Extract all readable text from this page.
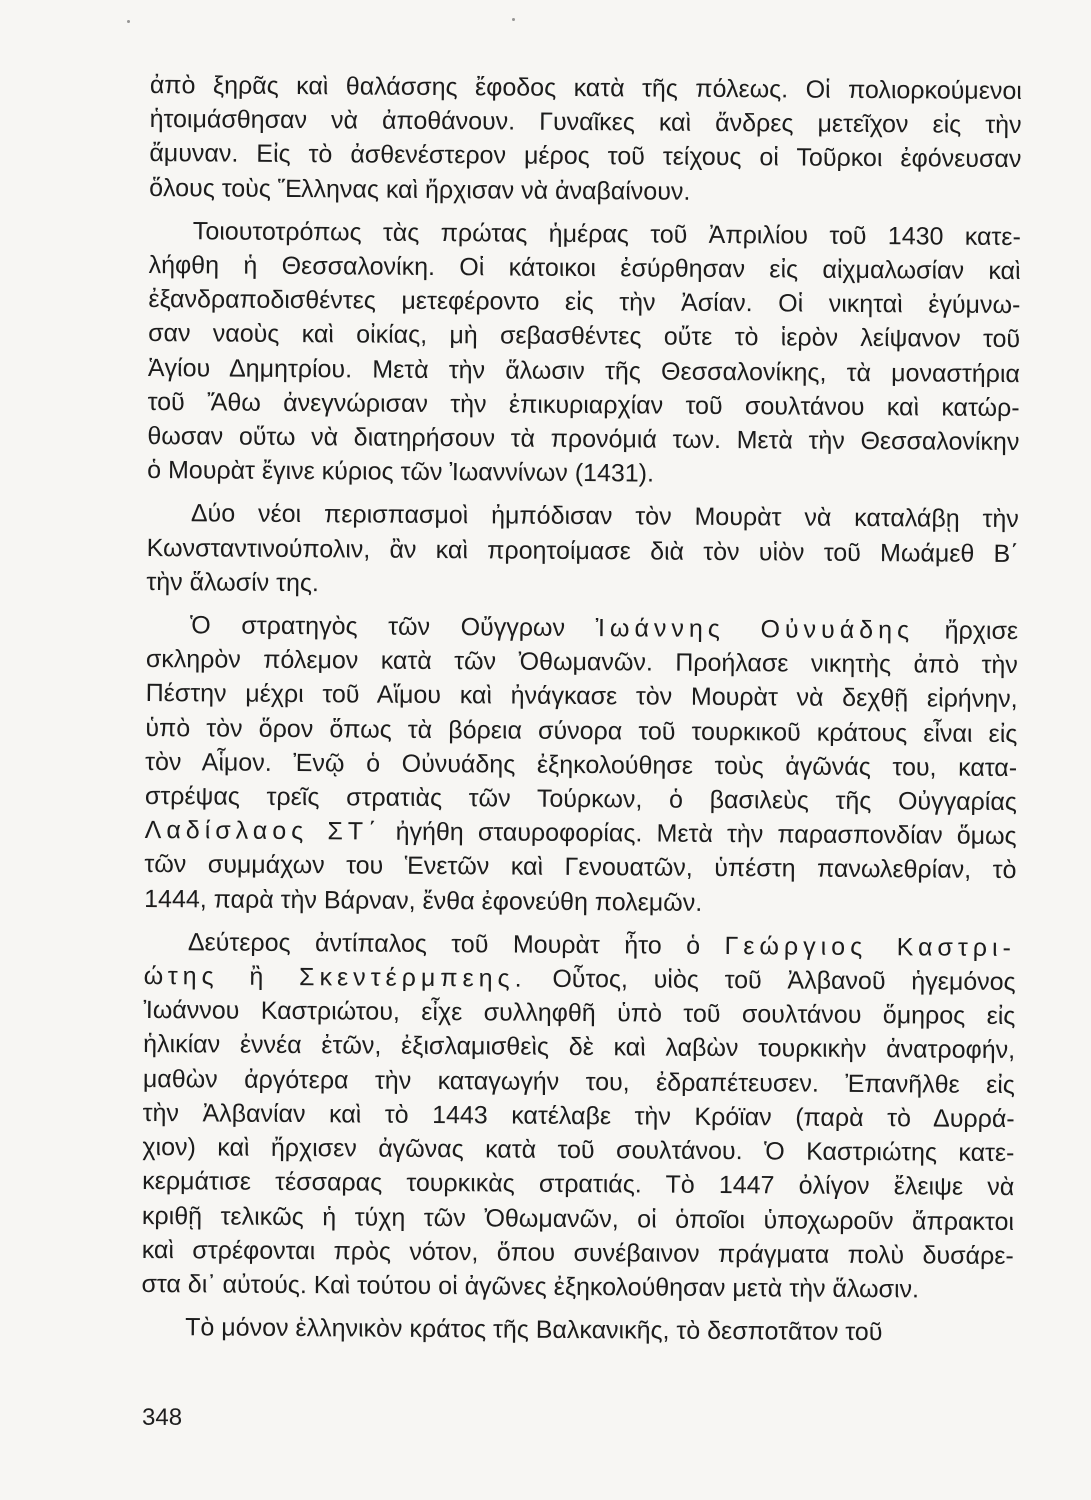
ἀπὸ ξηρᾶς καὶ θαλάσσης ἔφοδος κατὰ τῆς πόλεως. Οἱ πολιορκούμενοι
ἡτοιμάσθησαν νὰ ἀποθάνουν. Γυναῖκες καὶ ἄνδρες μετεῖχον εἰς τὴν
ἄμυναν. Εἰς τὸ ἀσθενέστερον μέρος τοῦ τείχους οἱ Τοῦρκοι ἐφόνευσαν
ὅλους τοὺς Ἕλληνας καὶ ἤρχισαν νὰ ἀναβαίνουν.

Τοιουτοτρόπως τὰς πρώτας ἡμέρας τοῦ Ἀπριλίου τοῦ 1430 κατε-
λήφθη ἡ Θεσσαλονίκη. Οἱ κάτοικοι ἐσύρθησαν εἰς αἰχμαλωσίαν καὶ
ἐξανδραποδισθέντες μετεφέροντο εἰς τὴν Ἀσίαν. Οἱ νικηταὶ ἐγύμνω-
σαν ναοὺς καὶ οἰκίας, μὴ σεβασθέντες οὔτε τὸ ἱερὸν λείψανον τοῦ
Ἁγίου Δημητρίου. Μετὰ τὴν ἅλωσιν τῆς Θεσσαλονίκης, τὰ μοναστήρια
τοῦ Ἄθω ἀνεγνώρισαν τὴν ἐπικυριαρχίαν τοῦ σουλτάνου καὶ κατώρ-
θωσαν οὕτω νὰ διατηρήσουν τὰ προνόμιά των. Μετὰ τὴν Θεσσαλονίκην
ὁ Μουρὰτ ἔγινε κύριος τῶν Ἰωαννίνων (1431).

Δύο νέοι περισπασμοὶ ἠμπόδισαν τὸν Μουρὰτ νὰ καταλάβῃ τὴν
Κωνσταντινούπολιν, ἂν καὶ προητοίμασε διὰ τὸν υἱὸν τοῦ Μωάμεθ Β΄
τὴν ἅλωσίν της.

Ὁ στρατηγὸς τῶν Οὔγγρων Ἰωάννης Οὐνυάδης ἤρχισε
σκληρὸν πόλεμον κατὰ τῶν Ὀθωμανῶν. Προήλασε νικητὴς ἀπὸ τὴν
Πέστην μέχρι τοῦ Αἵμου καὶ ἠνάγκασε τὸν Μουρὰτ νὰ δεχθῇ εἰρήνην,
ὑπὸ τὸν ὅρον ὅπως τὰ βόρεια σύνορα τοῦ τουρκικοῦ κράτους εἶναι εἰς
τὸν Αἷμον. Ἐνῷ ὁ Οὐνυάδης ἐξηκολούθησε τοὺς ἀγῶνάς του, κατα-
στρέψας τρεῖς στρατιὰς τῶν Τούρκων, ὁ βασιλεὺς τῆς Οὐγγαρίας
Λαδίσλαος ΣΤ΄ ἠγήθη σταυροφορίας. Μετὰ τὴν παρασπονδίαν ὅμως
τῶν συμμάχων του Ἑνετῶν καὶ Γενουατῶν, ὑπέστη πανωλεθρίαν, τὸ
1444, παρὰ τὴν Βάρναν, ἔνθα ἐφονεύθη πολεμῶν.

Δεύτερος ἀντίπαλος τοῦ Μουρὰτ ἦτο ὁ Γεώργιος Καστρι-
ώτης ἢ Σκεντέρμπεης. Οὗτος, υἱὸς τοῦ Ἀλβανοῦ ἡγεμόνος
Ἰωάννου Καστριώτου, εἶχε συλληφθῆ ὑπὸ τοῦ σουλτάνου ὅμηρος εἰς
ἡλικίαν ἐννέα ἐτῶν, ἐξισλαμισθεὶς δὲ καὶ λαβὼν τουρκικὴν ἀνατροφήν,
μαθὼν ἀργότερα τὴν καταγωγήν του, ἐδραπέτευσεν. Ἐπανῆλθε εἰς
τὴν Ἀλβανίαν καὶ τὸ 1443 κατέλαβε τὴν Κρόϊαν (παρὰ τὸ Δυρρά-
χιον) καὶ ἤρχισεν ἀγῶνας κατὰ τοῦ σουλτάνου. Ὁ Καστριώτης κατε-
κερμάτισε τέσσαρας τουρκικὰς στρατιάς. Τὸ 1447 ὀλίγον ἔλειψε νὰ
κριθῇ τελικῶς ἡ τύχη τῶν Ὀθωμανῶν, οἱ ὁποῖοι ὑποχωροῦν ἄπρακτοι
καὶ στρέφονται πρὸς νότον, ὅπου συνέβαινον πράγματα πολὺ δυσάρε-
στα δι᾿ αὐτούς. Καὶ τούτου οἱ ἀγῶνες ἐξηκολούθησαν μετὰ τὴν ἅλωσιν.

Τὸ μόνον ἑλληνικὸν κράτος τῆς Βαλκανικῆς, τὸ δεσποτᾶτον τοῦ

348
